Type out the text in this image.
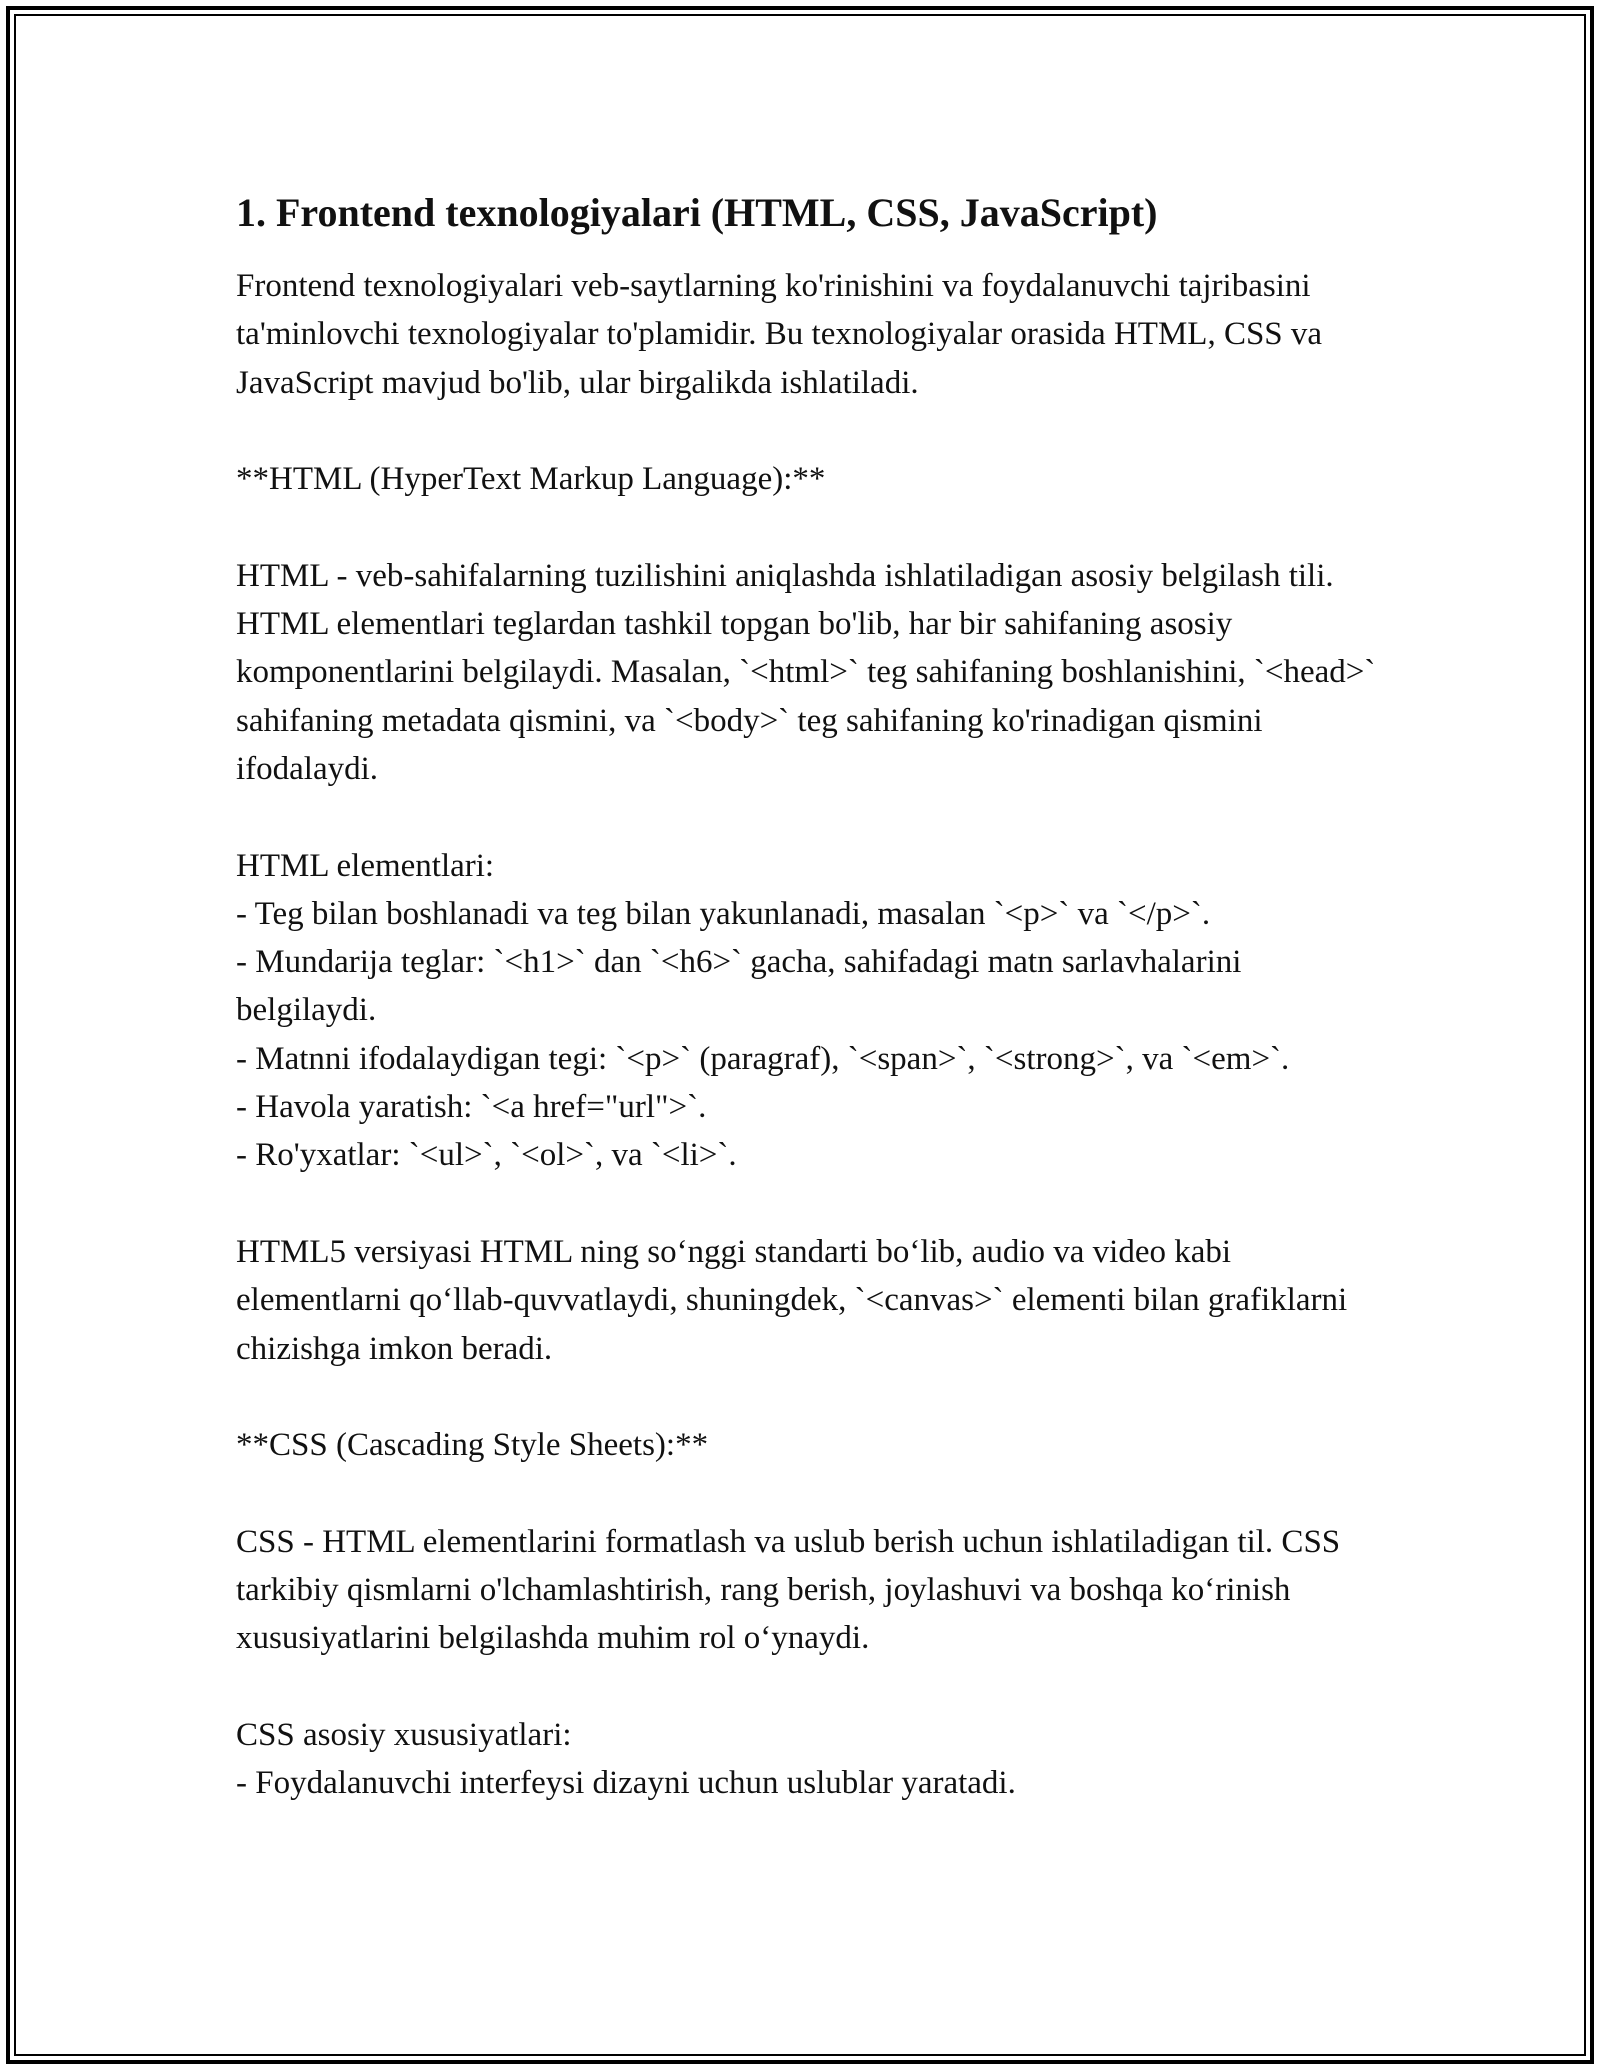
1. Frontend texnologiyalari (HTML, CSS, JavaScript)

Frontend texnologiyalari veb-saytlarning ko'rinishini va foydalanuvchi tajribasini ta'minlovchi texnologiyalar to'plamidir. Bu texnologiyalar orasida HTML, CSS va JavaScript mavjud bo'lib, ular birgalikda ishlatiladi.

**HTML (HyperText Markup Language):**

HTML - veb-sahifalarning tuzilishini aniqlashda ishlatiladigan asosiy belgilash tili. HTML elementlari teglardan tashkil topgan bo'lib, har bir sahifaning asosiy komponentlarini belgilaydi. Masalan, `<html>` teg sahifaning boshlanishini, `<head>` sahifaning metadata qismini, va `<body>` teg sahifaning ko'rinadigan qismini ifodalaydi.

HTML elementlari:
- Teg bilan boshlanadi va teg bilan yakunlanadi, masalan `<p>` va `</p>`.
- Mundarija teglar: `<h1>` dan `<h6>` gacha, sahifadagi matn sarlavhalarini belgilaydi.
- Matnni ifodalaydigan tegi: `<p>` (paragraf), `<span>`, `<strong>`, va `<em>`.
- Havola yaratish: `<a href="url">`.
- Ro'yxatlar: `<ul>`, `<ol>`, va `<li>`.

HTML5 versiyasi HTML ning so‘nggi standarti bo‘lib, audio va video kabi elementlarni qo‘llab-quvvatlaydi, shuningdek, `<canvas>` elementi bilan grafiklarni chizishga imkon beradi.

**CSS (Cascading Style Sheets):**

CSS - HTML elementlarini formatlash va uslub berish uchun ishlatiladigan til. CSS tarkibiy qismlarni o'lchamlashtirish, rang berish, joylashuvi va boshqa ko‘rinish xususiyatlarini belgilashda muhim rol o‘ynaydi.

CSS asosiy xususiyatlari:
- Foydalanuvchi interfeysi dizayni uchun uslublar yaratadi.
